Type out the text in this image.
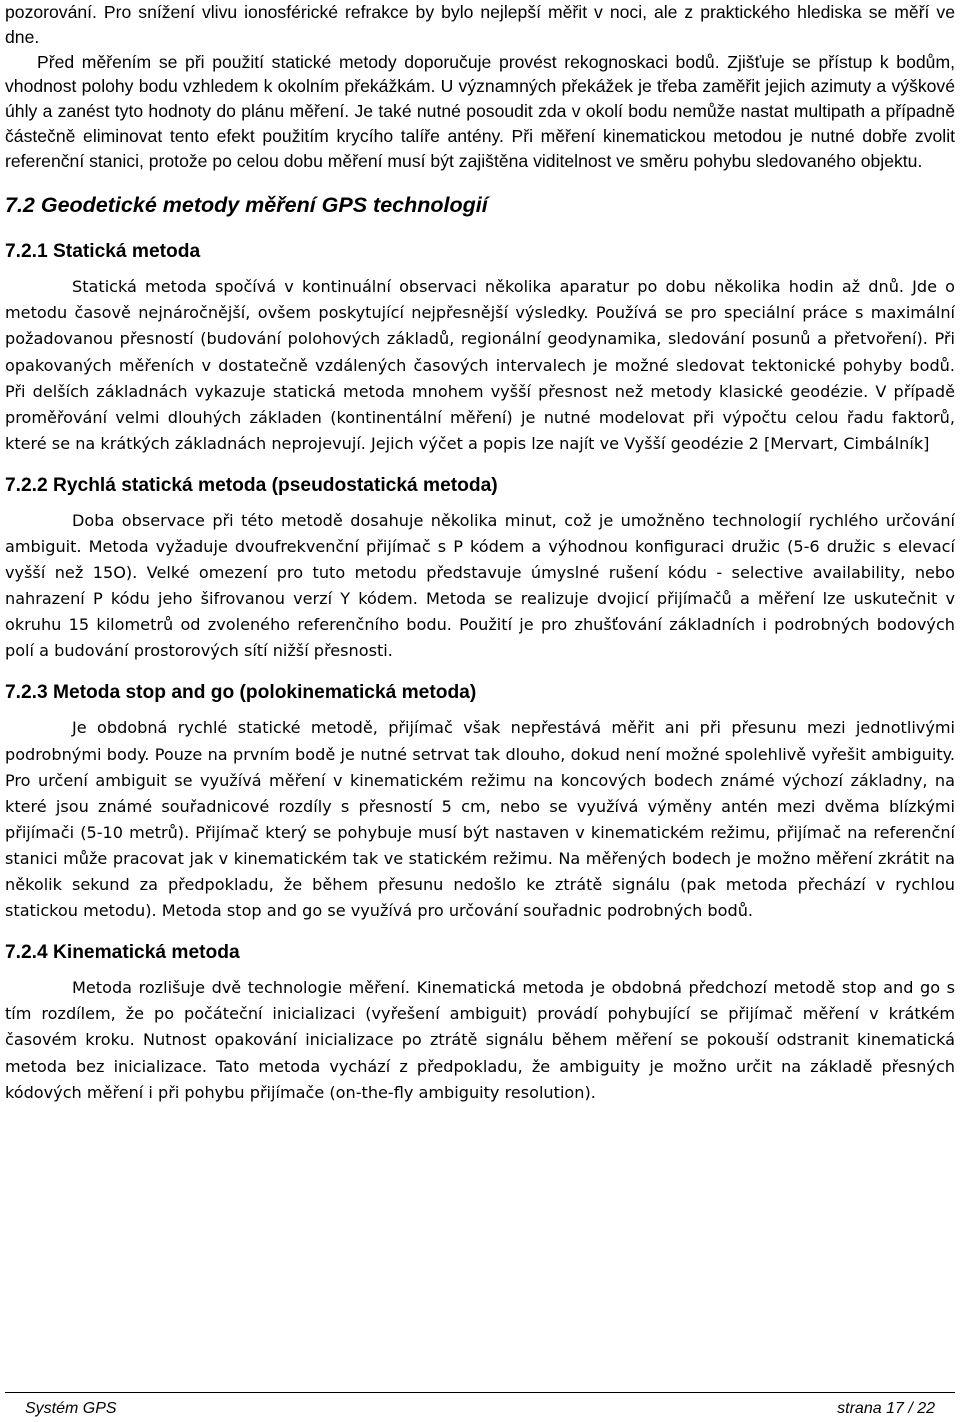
pozorování. Pro snížení vlivu ionosférické refrakce by bylo nejlepší měřit v noci, ale z praktického hlediska se měří ve dne.

Před měřením se při použití statické metody doporučuje provést rekognoskaci bodů. Zjišťuje se přístup k bodům, vhodnost polohy bodu vzhledem k okolním překážkám. U významných překážek je třeba zaměřit jejich azimuty a výškové úhly a zanést tyto hodnoty do plánu měření. Je také nutné posoudit zda v okolí bodu nemůže nastat multipath a případně částečně eliminovat tento efekt použitím krycího talíře antény. Při měření kinematickou metodou je nutné dobře zvolit referenční stanici, protože po celou dobu měření musí být zajištěna viditelnost ve směru pohybu sledovaného objektu.

7.2 Geodetické metody měření GPS technologií
7.2.1 Statická metoda

Statická metoda spočívá v kontinuální observaci několika aparatur po dobu několika hodin až dnů. Jde o metodu časově nejnáročnější, ovšem poskytující nejpřesnější výsledky. Používá se pro speciální práce s maximální požadovanou přesností (budování polohových základů, regionální geodynamika, sledování posunů a přetvoření). Při opakovaných měřeních v dostatečně vzdálených časových intervalech je možné sledovat tektonické pohyby bodů. Při delších základnách vykazuje statická metoda mnohem vyšší přesnost než metody klasické geodézie. V případě proměřování velmi dlouhých základen (kontinentální měření) je nutné modelovat při výpočtu celou řadu faktorů, které se na krátkých základnách neprojevují. Jejich výčet a popis lze najít ve Vyšší geodézie 2 [Mervart, Cimbálník]

7.2.2 Rychlá statická metoda (pseudostatická metoda)

Doba observace při této metodě dosahuje několika minut, což je umožněno technologií rychlého určování ambiguit. Metoda vyžaduje dvoufrekvenční přijímač s P kódem a výhodnou konfiguraci družic (5-6 družic s elevací vyšší než 15O). Velké omezení pro tuto metodu představuje úmyslné rušení kódu - selective availability, nebo nahrazení P kódu jeho šifrovanou verzí Y kódem. Metoda se realizuje dvojicí přijímačů a měření lze uskutečnit v okruhu 15 kilometrů od zvoleného referenčního bodu. Použití je pro zhušťování základních i podrobných bodových polí a budování prostorových sítí nižší přesnosti.

7.2.3 Metoda stop and go (polokinematická metoda)

Je obdobná rychlé statické metodě, přijímač však nepřestává měřit ani při přesunu mezi jednotlivými podrobnými body. Pouze na prvním bodě je nutné setrvat tak dlouho, dokud není možné spolehlivě vyřešit ambiguity. Pro určení ambiguit se využívá měření v kinematickém režimu na koncových bodech známé výchozí základny, na které jsou známé souřadnicové rozdíly s přesností 5 cm, nebo se využívá výměny antén mezi dvěma blízkými přijímači (5-10 metrů). Přijímač který se pohybuje musí být nastaven v kinematickém režimu, přijímač na referenční stanici může pracovat jak v kinematickém tak ve statickém režimu. Na měřených bodech je možno měření zkrátit na několik sekund za předpokladu, že během přesunu nedošlo ke ztrátě signálu (pak metoda přechází v rychlou statickou metodu). Metoda stop and go se využívá pro určování souřadnic podrobných bodů.

7.2.4 Kinematická metoda

Metoda rozlišuje dvě technologie měření. Kinematická metoda je obdobná předchozí metodě stop and go s tím rozdílem, že po počáteční inicializaci (vyřešení ambiguit) provádí pohybující se přijímač měření v krátkém časovém kroku. Nutnost opakování inicializace po ztrátě signálu během měření se pokouší odstranit kinematická metoda bez inicializace. Tato metoda vychází z předpokladu, že ambiguity je možno určit na základě přesných kódových měření i při pohybu přijímače (on-the-fly ambiguity resolution).

Systém GPS	strana 17 / 22
